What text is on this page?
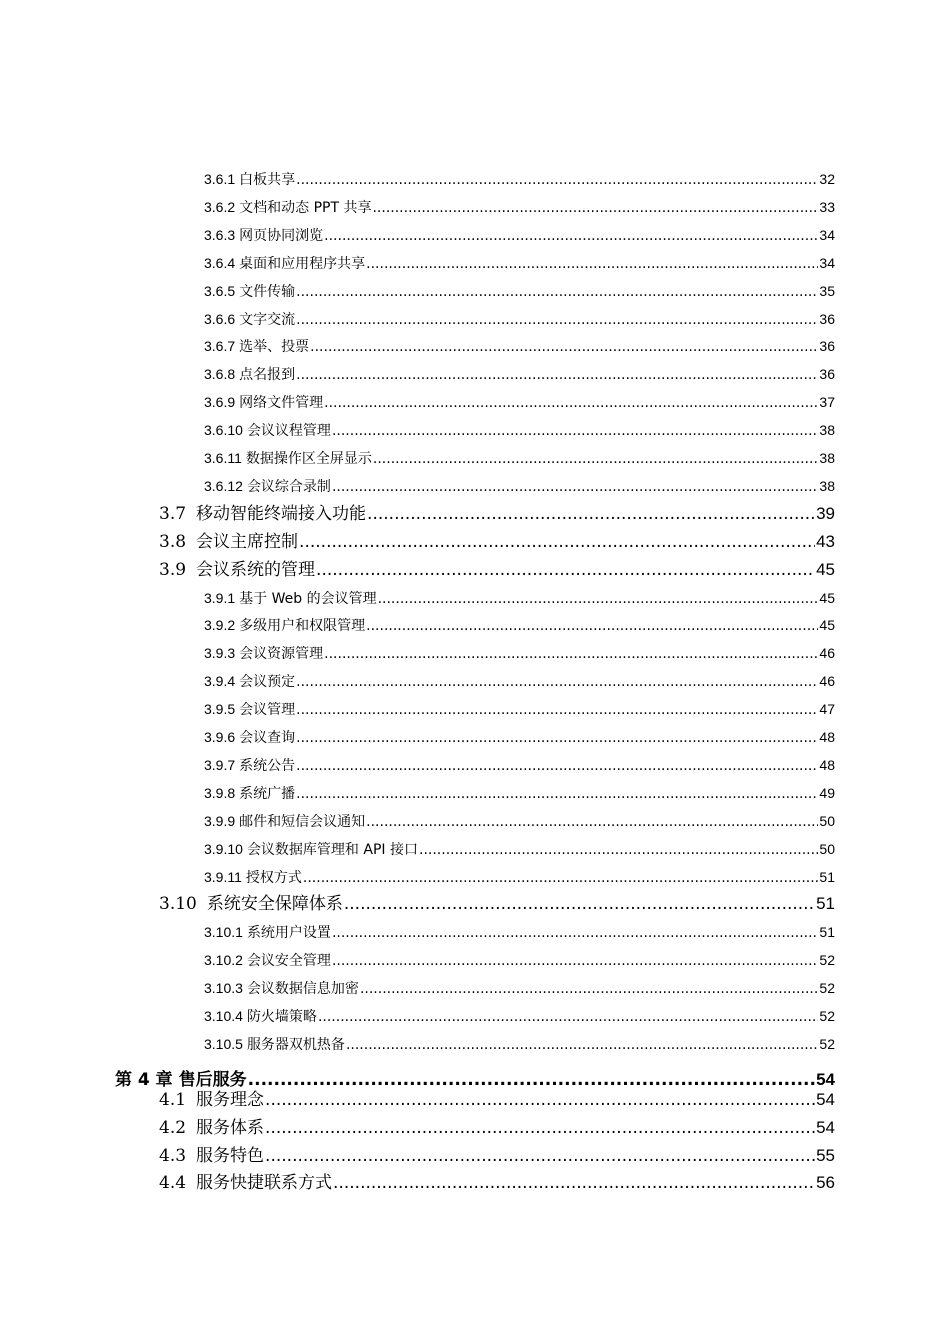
3.6.1 白板共享 .....	32
3.6.2 文档和动态 PPT 共享 .....	33
3.6.3 网页协同浏览 .....	34
3.6.4 桌面和应用程序共享 .....	34
3.6.5 文件传输 .....	35
3.6.6 文字交流 .....	36
3.6.7 选举、投票 .....	36
3.6.8 点名报到 .....	36
3.6.9 网络文件管理 .....	37
3.6.10 会议议程管理 .....	38
3.6.11 数据操作区全屏显示 .....	38
3.6.12 会议综合录制 .....	38
3.7 移动智能终端接入功能 .....	39
3.8 会议主席控制 .....	43
3.9 会议系统的管理 .....	45
3.9.1 基于 Web 的会议管理 .....	45
3.9.2 多级用户和权限管理 .....	45
3.9.3 会议资源管理 .....	46
3.9.4 会议预定 .....	46
3.9.5 会议管理 .....	47
3.9.6 会议查询 .....	48
3.9.7 系统公告 .....	48
3.9.8 系统广播 .....	49
3.9.9 邮件和短信会议通知 .....	50
3.9.10 会议数据库管理和 API 接口 .....	50
3.9.11 授权方式 .....	51
3.10 系统安全保障体系 .....	51
3.10.1 系统用户设置 .....	51
3.10.2 会议安全管理 .....	52
3.10.3 会议数据信息加密 .....	52
3.10.4 防火墙策略 .....	52
3.10.5 服务器双机热备 .....	52
第 4 章 售后服务 .....	54
4.1 服务理念 .....	54
4.2 服务体系 .....	54
4.3 服务特色 .....	55
4.4 服务快捷联系方式 .....	56
